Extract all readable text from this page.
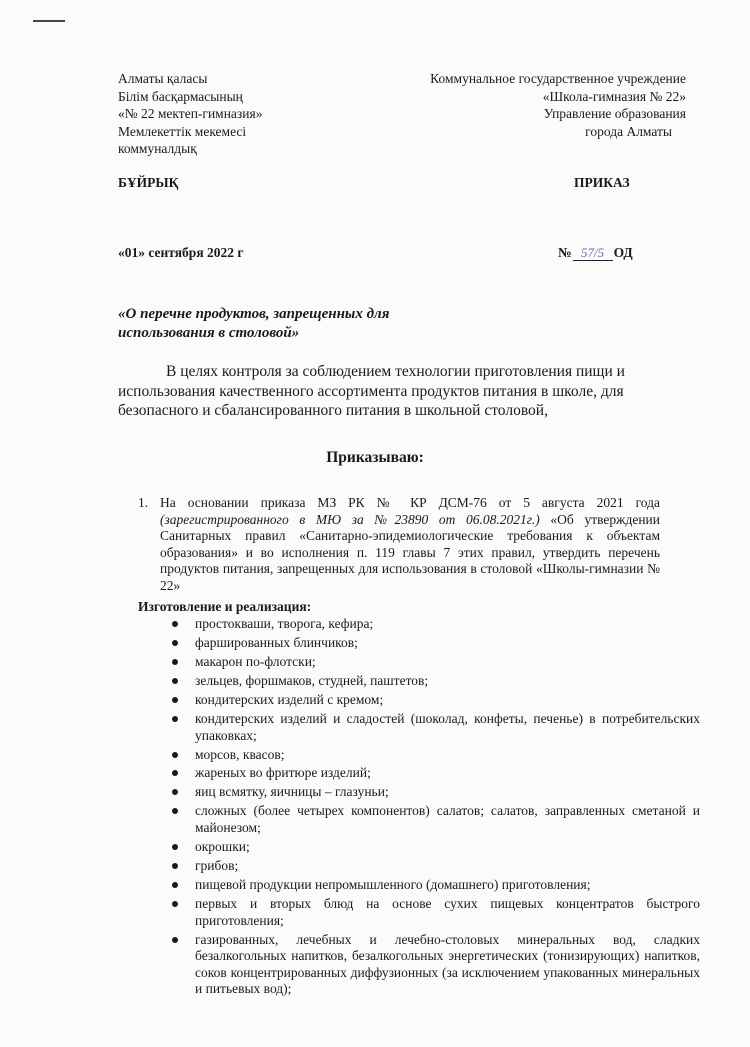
Алматы қаласы
Білім басқармасының
«№ 22 мектеп-гимназия»
Мемлекеттік мекемесі
коммуналдық
Коммунальное государственное учреждение
«Школа-гимназия № 22»
Управление образования
города Алматы
БҰЙРЫҚ	ПРИКАЗ
«01» сентября 2022 г	№ 57/5 ОД
«О перечне продуктов, запрещенных для использования в столовой»
В целях контроля за соблюдением технологии приготовления пищи и использования качественного ассортимента продуктов питания в школе, для безопасного и сбалансированного питания в школьной столовой,
Приказываю:
1. На основании приказа МЗ РК № КР ДСМ-76 от 5 августа 2021 года (зарегистрированного в МЮ за №23890 от 06.08.2021г.) «Об утверждении Санитарных правил «Санитарно-эпидемиологические требования к объектам образования» и во исполнения п. 119 главы 7 этих правил, утвердить перечень продуктов питания, запрещенных для использования в столовой «Школы-гимназии № 22»
Изготовление и реализация:
простокваши, творога, кефира;
фаршированных блинчиков;
макарон по-флотски;
зельцев, форшмаков, студней, паштетов;
кондитерских изделий с кремом;
кондитерских изделий и сладостей (шоколад, конфеты, печенье) в потребительских упаковках;
морсов, квасов;
жареных во фритюре изделий;
яиц всмятку, яичницы – глазуньи;
сложных (более четырех компонентов) салатов; салатов, заправленных сметаной и майонезом;
окрошки;
грибов;
пищевой продукции непромышленного (домашнего) приготовления;
первых и вторых блюд на основе сухих пищевых концентратов быстрого приготовления;
газированных, лечебных и лечебно-столовых минеральных вод, сладких безалкогольных напитков, безалкогольных энергетических (тонизирующих) напитков, соков концентрированных диффузионных (за исключением упакованных минеральных и питьевых вод);
